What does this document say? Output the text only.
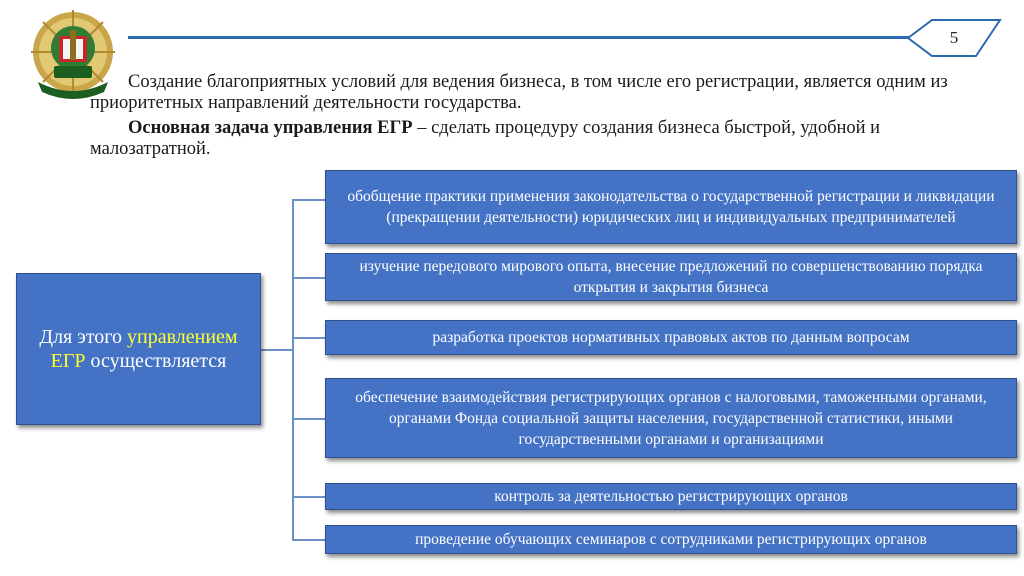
5

Создание благоприятных условий для ведения бизнеса, в том числе его регистрации, является одним из приоритетных направлений деятельности государства.

Основная задача управления ЕГР – сделать процедуру создания бизнеса быстрой, удобной и малозатратной.

Для этого управлением ЕГР осуществляется
обобщение практики применения законодательства о государственной регистрации и ликвидации (прекращении деятельности) юридических лиц и индивидуальных предпринимателей
изучение передового мирового опыта, внесение предложений по совершенствованию порядка открытия и закрытия бизнеса
разработка проектов нормативных правовых актов по данным вопросам
обеспечение взаимодействия регистрирующих органов с налоговыми, таможенными органами, органами Фонда социальной защиты населения, государственной статистики, иными государственными органами и организациями
контроль за деятельностью регистрирующих органов
проведение обучающих семинаров с сотрудниками регистрирующих органов
